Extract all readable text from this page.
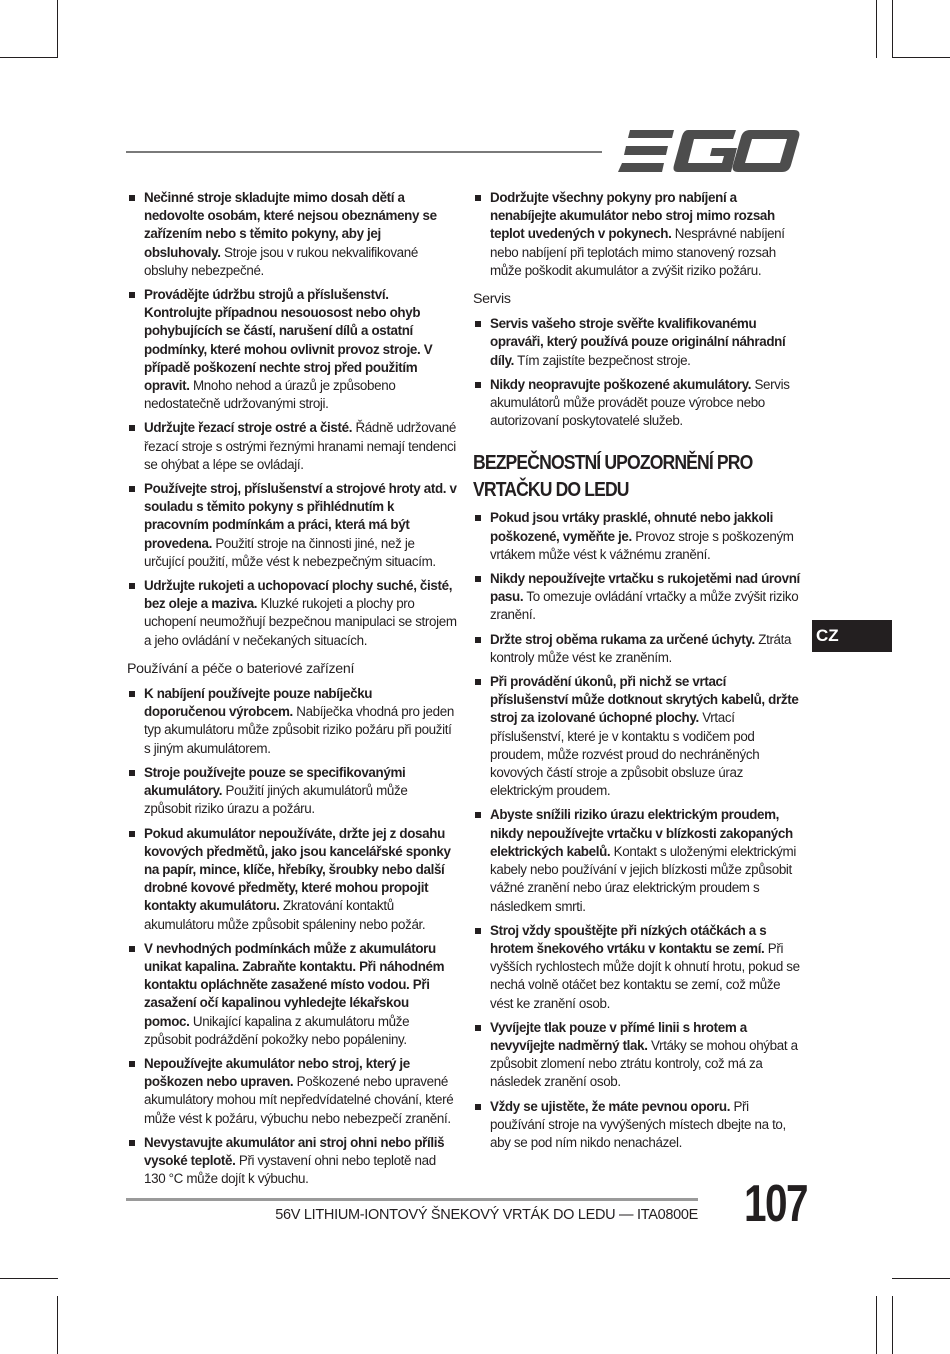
Nečinné stroje skladujte mimo dosah dětí a nedovolte osobám, které nejsou obeznámeny se zařízením nebo s těmito pokyny, aby jej obsluhovaly. Stroje jsou v rukou nekvalifikované obsluhy nebezpečné.
Provádějte údržbu strojů a příslušenství. Kontrolujte případnou nesouosost nebo ohyb pohybujících se částí, narušení dílů a ostatní podmínky, které mohou ovlivnit provoz stroje. V případě poškození nechte stroj před použitím opravit. Mnoho nehod a úrazů je způsobeno nedostatečně udržovanými stroji.
Udržujte řezací stroje ostré a čisté. Řádně udržované řezací stroje s ostrými řeznými hranami nemají tendenci se ohýbat a lépe se ovládají.
Používejte stroj, příslušenství a strojové hroty atd. v souladu s těmito pokyny s přihlédnutím k pracovním podmínkám a práci, která má být provedena. Použití stroje na činnosti jiné, než je určující použití, může vést k nebezpečným situacím.
Udržujte rukojeti a uchopovací plochy suché, čisté, bez oleje a maziva. Kluzké rukojeti a plochy pro uchopení neumožňují bezpečnou manipulaci se strojem a jeho ovládání v nečekaných situacích.
Používání a péče o bateriové zařízení
K nabíjení používejte pouze nabíječku doporučenou výrobcem. Nabíječka vhodná pro jeden typ akumulátoru může způsobit riziko požáru při použití s jiným akumulátorem.
Stroje používejte pouze se specifikovanými akumulátory. Použití jiných akumulátorů může způsobit riziko úrazu a požáru.
Pokud akumulátor nepoužíváte, držte jej z dosahu kovových předmětů, jako jsou kancelářské sponky na papír, mince, klíče, hřebíky, šroubky nebo další drobné kovové předměty, které mohou propojit kontakty akumulátoru. Zkratování kontaktů akumulátoru může způsobit spáleniny nebo požár.
V nevhodných podmínkách může z akumulátoru unikat kapalina. Zabraňte kontaktu. Při náhodném kontaktu opláchněte zasažené místo vodou. Při zasažení očí kapalinou vyhledejte lékařskou pomoc. Unikající kapalina z akumulátoru může způsobit podráždění pokožky nebo popáleniny.
Nepoužívejte akumulátor nebo stroj, který je poškozen nebo upraven. Poškozené nebo upravené akumulátory mohou mít nepředvídatelné chování, které může vést k požáru, výbuchu nebo nebezpečí zranění.
Nevystavujte akumulátor ani stroj ohni nebo příliš vysoké teplotě. Při vystavení ohni nebo teplotě nad 130 °C může dojít k výbuchu.
Dodržujte všechny pokyny pro nabíjení a nenabíjejte akumulátor nebo stroj mimo rozsah teplot uvedených v pokynech. Nesprávné nabíjení nebo nabíjení při teplotách mimo stanovený rozsah může poškodit akumulátor a zvýšit riziko požáru.
Servis
Servis vašeho stroje svěřte kvalifikovanému opraváři, který používá pouze originální náhradní díly. Tím zajistíte bezpečnost stroje.
Nikdy neopravujte poškozené akumulátory. Servis akumulátorů může provádět pouze výrobce nebo autorizovaní poskytovatelé služeb.
BEZPEČNOSTNÍ UPOZORNĚNÍ PRO VRTAČKU DO LEDU
Pokud jsou vrtáky prasklé, ohnuté nebo jakkoli poškozené, vyměňte je. Provoz stroje s poškozeným vrtákem může vést k vážnému zranění.
Nikdy nepoužívejte vrtačku s rukojetěmi nad úrovní pasu. To omezuje ovládání vrtačky a může zvýšit riziko zranění.
Držte stroj oběma rukama za určené úchyty. Ztráta kontroly může vést ke zraněním.
Při provádění úkonů, při nichž se vrtací příslušenství může dotknout skrytých kabelů, držte stroj za izolované úchopné plochy. Vrtací příslušenství, které je v kontaktu s vodičem pod proudem, může rozvést proud do nechráněných kovových částí stroje a způsobit obsluze úraz elektrickým proudem.
Abyste snížili riziko úrazu elektrickým proudem, nikdy nepoužívejte vrtačku v blízkosti zakopaných elektrických kabelů. Kontakt s uloženými elektrickými kabely nebo používání v jejich blízkosti může způsobit vážné zranění nebo úraz elektrickým proudem s následkem smrti.
Stroj vždy spouštějte při nízkých otáčkách a s hrotem šnekového vrtáku v kontaktu se zemí. Při vyšších rychlostech může dojít k ohnutí hrotu, pokud se nechá volně otáčet bez kontaktu se zemí, což může vést ke zranění osob.
Vyvíjejte tlak pouze v přímé linii s hrotem a nevyvíjejte nadměrný tlak. Vrtáky se mohou ohýbat a způsobit zlomení nebo ztrátu kontroly, což má za následek zranění osob.
Vždy se ujistěte, že máte pevnou oporu. Při používání stroje na vyvýšených místech dbejte na to, aby se pod ním nikdo nenacházel.
CZ
56V LITHIUM-IONTOVÝ ŠNEKOVÝ VRTÁK DO LEDU — ITA0800E 107
